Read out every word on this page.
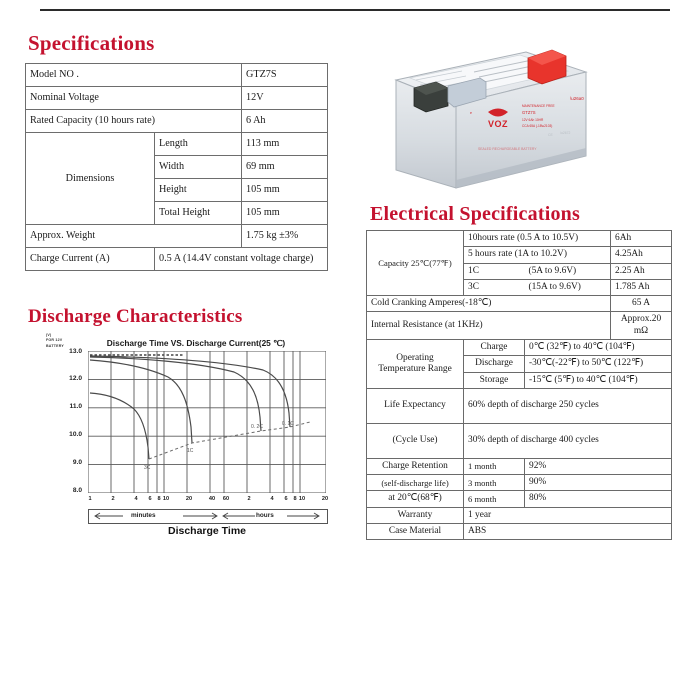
Specifications
Model NO .		GTZ7S
Nominal Voltage		12V
Rated Capacity (10 hours rate)		6 Ah
Dimensions	Length	113 mm
	Width	69 mm
	Height	105 mm
	Total Height	105 mm
Approx. Weight		1.75 kg ±3%
Charge Current (A)	0.5 A (14.4V constant voltage charge)	
Discharge Characteristics
(V)
FOR 12V
BATTERY	Discharge Time VS. Discharge Current(25 ℃)
13.0
12.0
11.0
10.0
9.0
8.0
3C
1C
0. 2C	0. 1C
1	2	4	6	8 10	20	40	60	2	4	6	8 10	20
minutes	hours
Discharge Time
VOZ
GTZ7S
MAINTENANCE FREE
12V 6Ah 10HR
CCA 65A (-18\u2103)
e
\u26a0
SEALED RECHARGEABLE BATTERY
CE \u2672
Electrical Specifications
Capacity 25℃(77℉)	10hours rate (0.5 A to 10.5V)		6Ah
	5 hours rate (1A to 10.2V)		4.25Ah
	1C	(5A to 9.6V)	2.25 Ah
	3C	(15A to 9.6V)	1.785 Ah
Cold Cranking Amperes(-18℃)			65 A
Internal Resistance (at 1KHz)			Approx.20 mΩ
Operating
Temperature Range	Charge	0℃ (32℉) to 40℃ (104℉)	
	Discharge	-30℃(-22℉) to 50℃ (122℉)	
	Storage	-15℃ (5℉) to 40℃ (104℉)	
Life Expectancy	60% depth of discharge 250 cycles		
(Cycle Use)	30% depth of discharge 400 cycles		
Charge Retention	1 month	92%	
(self-discharge life)	3 month	90%	
at 20℃(68℉)	6 month	80%	
Warranty	1 year		
Case Material	ABS		
